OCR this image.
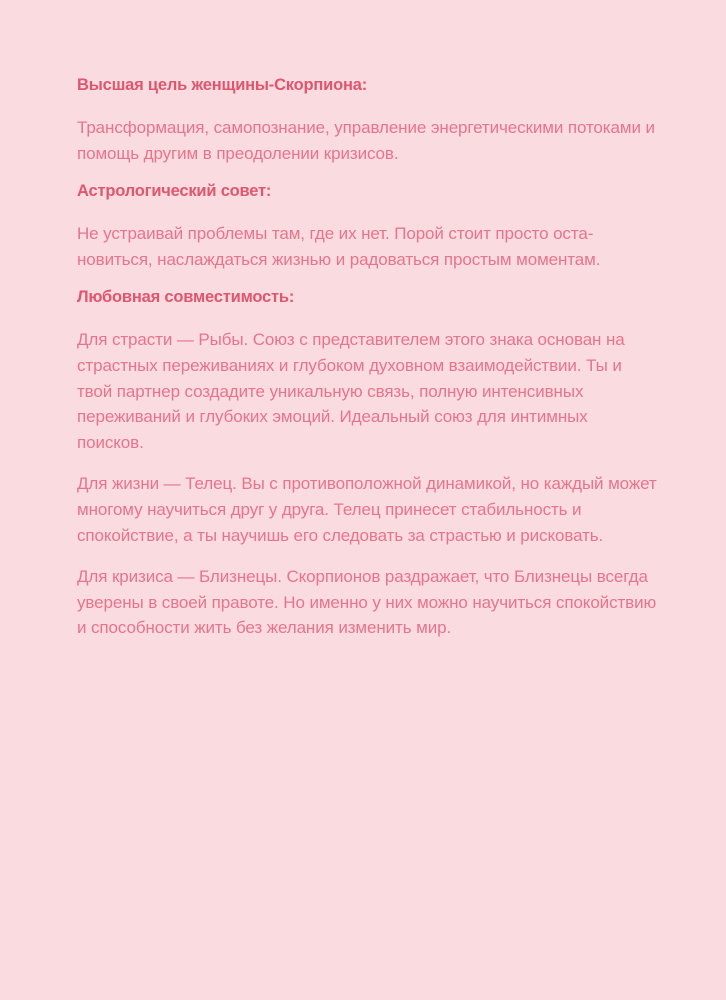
Высшая цель женщины-Скорпиона:

Трансформация, самопознание, управление энергетическими потоками и помощь другим в преодолении кризисов.

Астрологический совет:

Не устраивай проблемы там, где их нет. Порой стоит просто остановиться, наслаждаться жизнью и радоваться простым моментам.

Любовная совместимость:

Для страсти — Рыбы. Союз с представителем этого знака основан на страстных переживаниях и глубоком духовном взаимодействии. Ты и твой партнер создадите уникальную связь, полную интенсивных переживаний и глубоких эмоций. Идеальный союз для интимных поисков.

Для жизни — Телец. Вы с противоположной динамикой, но каждый может многому научиться друг у друга. Телец принесет стабильность и спокойствие, а ты научишь его следовать за страстью и рисковать.

Для кризиса — Близнецы. Скорпионов раздражает, что Близнецы всегда уверены в своей правоте. Но именно у них можно научиться спокойствию и способности жить без желания изменить мир.
